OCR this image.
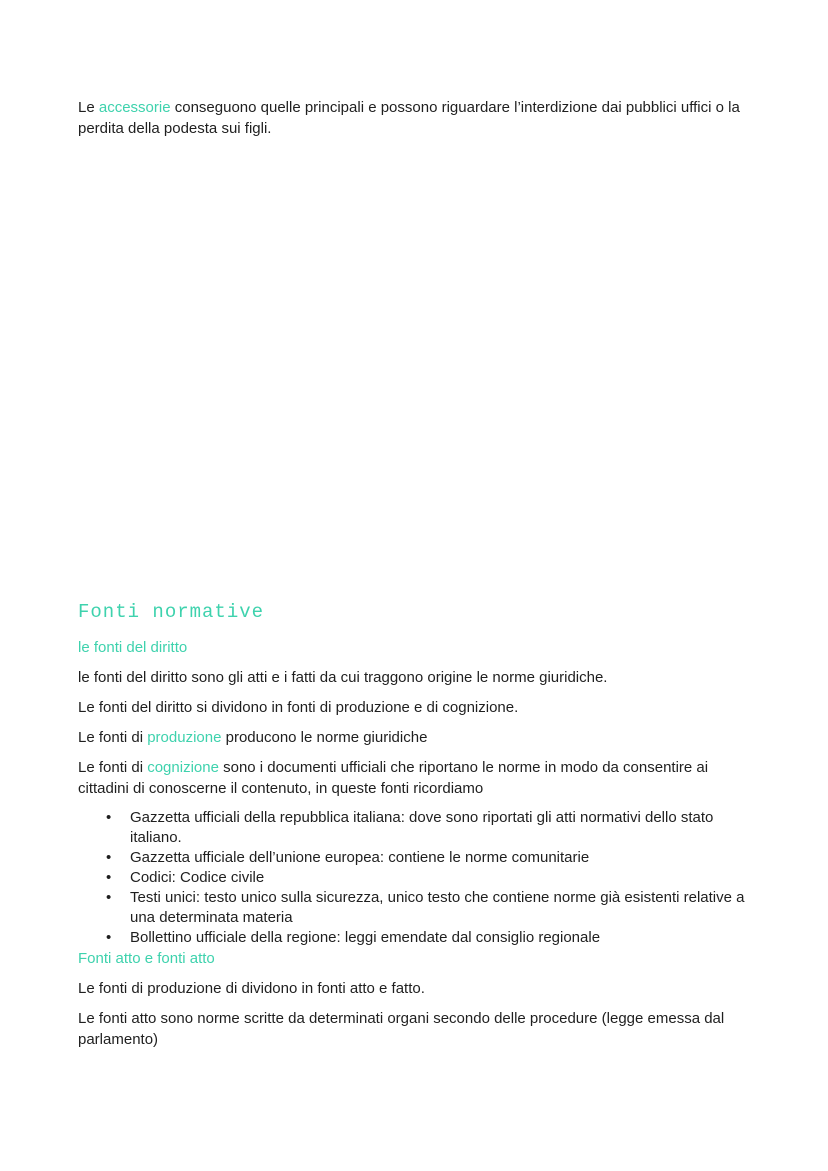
Le accessorie conseguono quelle principali e possono riguardare l’interdizione dai pubblici uffici o la perdita della podesta sui figli.

Fonti normative
le fonti del diritto

le fonti del diritto sono gli atti e i fatti da cui traggono origine le norme giuridiche.

Le fonti del diritto si dividono in fonti di produzione e di cognizione.

Le fonti di produzione producono le norme giuridiche

Le fonti di cognizione sono i documenti ufficiali che riportano le norme in modo da consentire ai cittadini di conoscerne il contenuto, in queste fonti ricordiamo

• Gazzetta ufficiali della repubblica italiana: dove sono riportati gli atti normativi dello stato italiano.
• Gazzetta ufficiale dell’unione europea: contiene le norme comunitarie
• Codici: Codice civile
• Testi unici: testo unico sulla sicurezza, unico testo che contiene norme già esistenti relative a una determinata materia
• Bollettino ufficiale della regione: leggi emendate dal consiglio regionale
Fonti atto e fonti atto

Le fonti di produzione di dividono in fonti atto e fatto.

Le fonti atto sono norme scritte da determinati organi secondo delle procedure (legge emessa dal parlamento)
